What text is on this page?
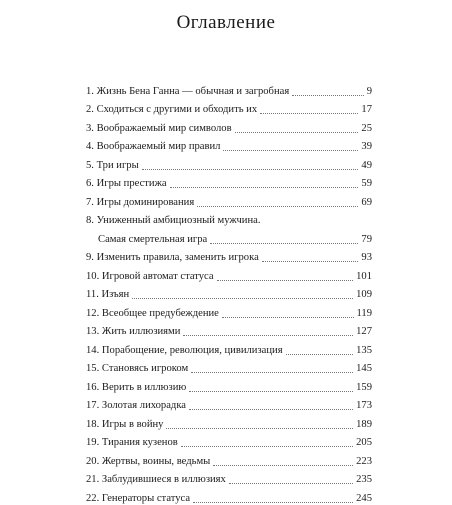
Оглавление
1. Жизнь Бена Ганна — обычная и загробная	9
2. Сходиться с другими и обходить их	17
3. Воображаемый мир символов	25
4. Воображаемый мир правил	39
5. Три игры	49
6. Игры престижа	59
7. Игры доминирования	69
8. Униженный амбициозный мужчина.
Самая смертельная игра	79
9. Изменить правила, заменить игрока	93
10. Игровой автомат статуса	101
11. Изъян	109
12. Всеобщее предубеждение	119
13. Жить иллюзиями	127
14. Порабощение, революция, цивилизация	135
15. Становясь игроком	145
16. Верить в иллюзию	159
17. Золотая лихорадка	173
18. Игры в войну	189
19. Тирания кузенов	205
20. Жертвы, воины, ведьмы	223
21. Заблудившиеся в иллюзиях	235
22. Генераторы статуса	245
